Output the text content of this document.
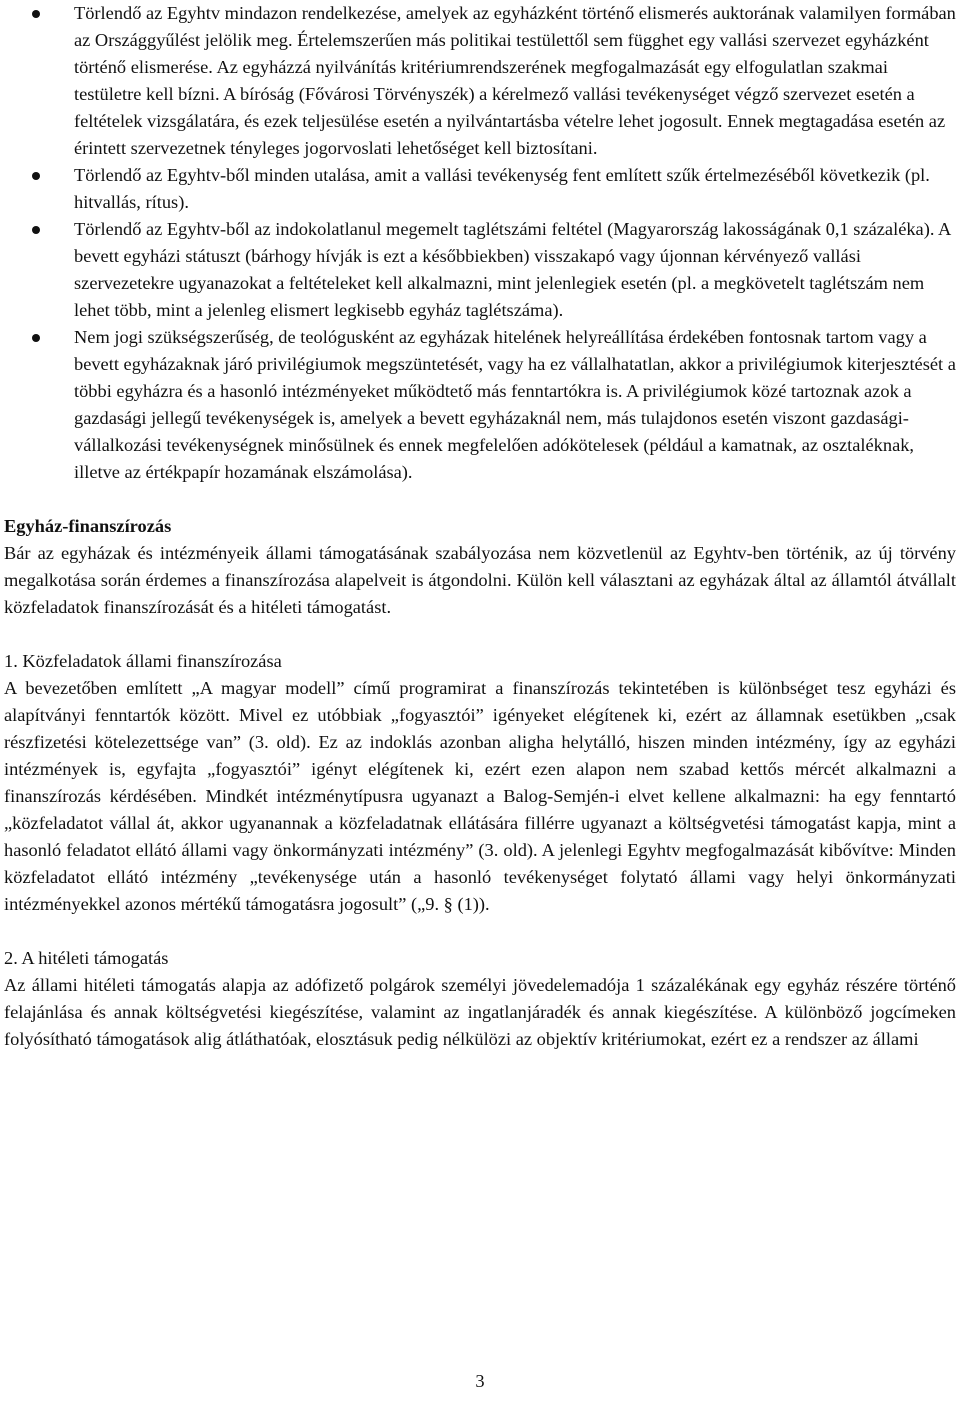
Törlendő az Egyhtv mindazon rendelkezése, amelyek az egyházként történő elismerés auktorának valamilyen formában az Országgyűlést jelölik meg. Értelemszerűen más politikai testülettől sem függhet egy vallási szervezet egyházként történő elismerése. Az egyházzá nyilvánítás kritériumrendszerének megfogalmazását egy elfogulatlan szakmai testületre kell bízni. A bíróság (Fővárosi Törvényszék) a kérelmező vallási tevékenységet végző szervezet esetén a feltételek vizsgálatára, és ezek teljesülése esetén a nyilvántartásba vételre lehet jogosult. Ennek megtagadása esetén az érintett szervezetnek tényleges jogorvoslati lehetőséget kell biztosítani.
Törlendő az Egyhtv-ből minden utalása, amit a vallási tevékenység fent említett szűk értelmezéséből következik (pl. hitvallás, rítus).
Törlendő az Egyhtv-ből az indokolatlanul megemelt taglétszámi feltétel (Magyarország lakosságának 0,1 százaléka). A bevett egyházi státuszt (bárhogy hívják is ezt a későbbiekben) visszakapó vagy újonnan kérvényező vallási szervezetekre ugyanazokat a feltételeket kell alkalmazni, mint jelenlegiek esetén (pl. a megkövetelt taglétszám nem lehet több, mint a jelenleg elismert legkisebb egyház taglétszáma).
Nem jogi szükségszerűség, de teológusként az egyházak hitelének helyreállítása érdekében fontosnak tartom vagy a bevett egyházaknak járó privilégiumok megszüntetését, vagy ha ez vállalhatatlan, akkor a privilégiumok kiterjesztését a többi egyházra és a hasonló intézményeket működtető más fenntartókra is. A privilégiumok közé tartoznak azok a gazdasági jellegű tevékenységek is, amelyek a bevett egyházaknál nem, más tulajdonos esetén viszont gazdasági-vállalkozási tevékenységnek minősülnek és ennek megfelelően adókötelesek (például a kamatnak, az osztaléknak, illetve az értékpapír hozamának elszámolása).
Egyház-finanszírozás

Bár az egyházak és intézményeik állami támogatásának szabályozása nem közvetlenül az Egyhtv-ben történik, az új törvény megalkotása során érdemes a finanszírozása alapelveit is átgondolni. Külön kell választani az egyházak által az államtól átvállalt közfeladatok finanszírozását és a hitéleti támogatást.

1. Közfeladatok állami finanszírozása

A bevezetőben említett „A magyar modell” című programirat a finanszírozás tekintetében is különbséget tesz egyházi és alapítványi fenntartók között. Mivel ez utóbbiak „fogyasztói” igényeket elégítenek ki, ezért az államnak esetükben „csak részfizetési kötelezettsége van” (3. old). Ez az indoklás azonban aligha helytálló, hiszen minden intézmény, így az egyházi intézmények is, egyfajta „fogyasztói” igényt elégítenek ki, ezért ezen alapon nem szabad kettős mércét alkalmazni a finanszírozás kérdésében. Mindkét intézménytípusra ugyanazt a Balog-Semjén-i elvet kellene alkalmazni: ha egy fenntartó „közfeladatot vállal át, akkor ugyanannak a közfeladatnak ellátására fillérre ugyanazt a költségvetési támogatást kapja, mint a hasonló feladatot ellátó állami vagy önkormányzati intézmény” (3. old). A jelenlegi Egyhtv megfogalmazását kibővítve: Minden közfeladatot ellátó intézmény „tevékenysége után a hasonló tevékenységet folytató állami vagy helyi önkormányzati intézményekkel azonos mértékű támogatásra jogosult” („9. § (1)).

2. A hitéleti támogatás

Az állami hitéleti támogatás alapja az adófizető polgárok személyi jövedelemadója 1 százalékának egy egyház részére történő felajánlása és annak költségvetési kiegészítése, valamint az ingatlanjáradék és annak kiegészítése. A különböző jogcímeken folyósítható támogatások alig átláthatóak, elosztásuk pedig nélkülözi az objektív kritériumokat, ezért ez a rendszer az állami

3
